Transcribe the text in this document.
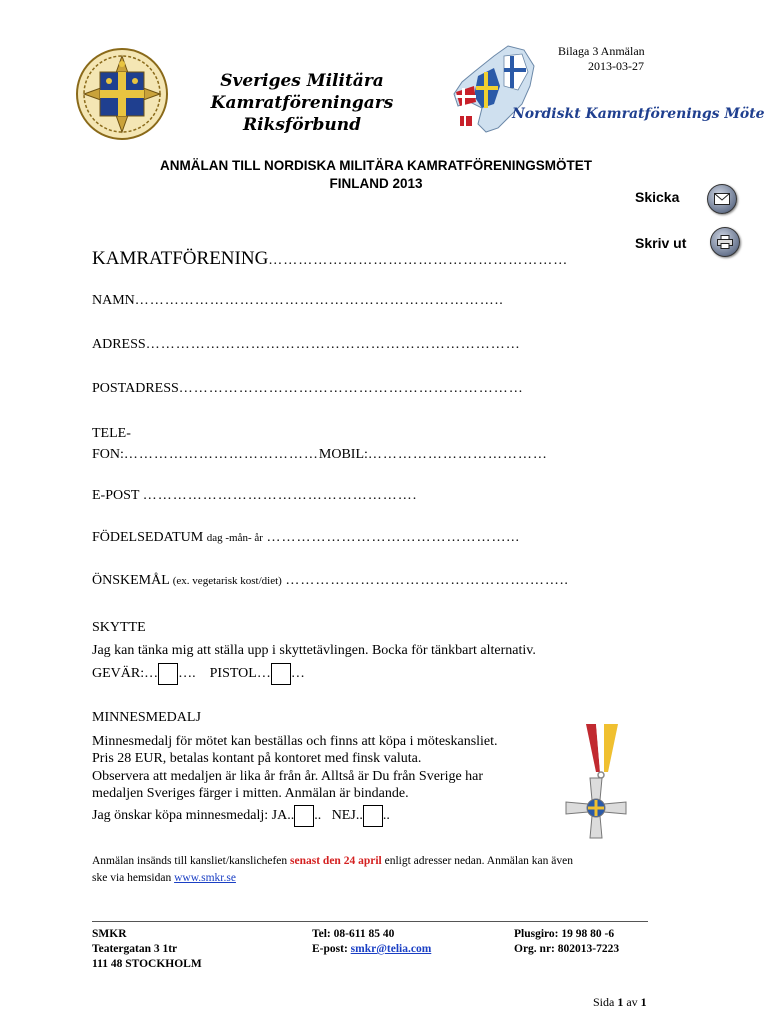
Bilaga 3 Anmälan
2013-03-27
Sveriges Militära Kamratföreningars
Riksförbund
Nordiskt Kamratförenings Möte
ANMÄLAN TILL NORDISKA MILITÄRA KAMRATFÖRENINGSMÖTET
FINLAND 2013
Skicka
Skriv ut
KAMRATFÖRENING……………………………………………………
NAMN………………………………………………………………..
ADRESS…………………………………………………………………
POSTADRESS……………………………………………………………
TELE-
FON:…………………………………MOBIL:………………………………
E-POST ……………………………………………….
FÖDELSEDATUM dag -mån- år …………………………………………...
ÖNSKEMÅL (ex. vegetarisk kost/diet) ………………………………………….……..
SKYTTE
Jag kan tänka mig att ställa upp i skyttetävlingen. Bocka för tänkbart alternativ.
GEVÄR:… …. PISTOL… …
MINNESMEDALJ
Minnesmedalj för mötet kan beställas och finns att köpa i möteskansliet.
Pris 28 EUR, betalas kontant på kontoret med finsk valuta.
Observera att medaljen är lika år från år. Alltså är Du från Sverige har
medaljen Sveriges färger i mitten. Anmälan är bindande.
Jag önskar köpa minnesmedalj: JA.. .. NEJ.. ..
Anmälan insänds till kansliet/kanslichefen senast den 24 april enligt adresser nedan. Anmälan kan även
ske via hemsidan www.smkr.se
SMKR
Teatergatan 3 1tr
111 48 STOCKHOLM

Tel: 08-611 85 40
E-post: smkr@telia.com

Plusgiro: 19 98 80 -6
Org. nr: 802013-7223
Sida 1 av 1
